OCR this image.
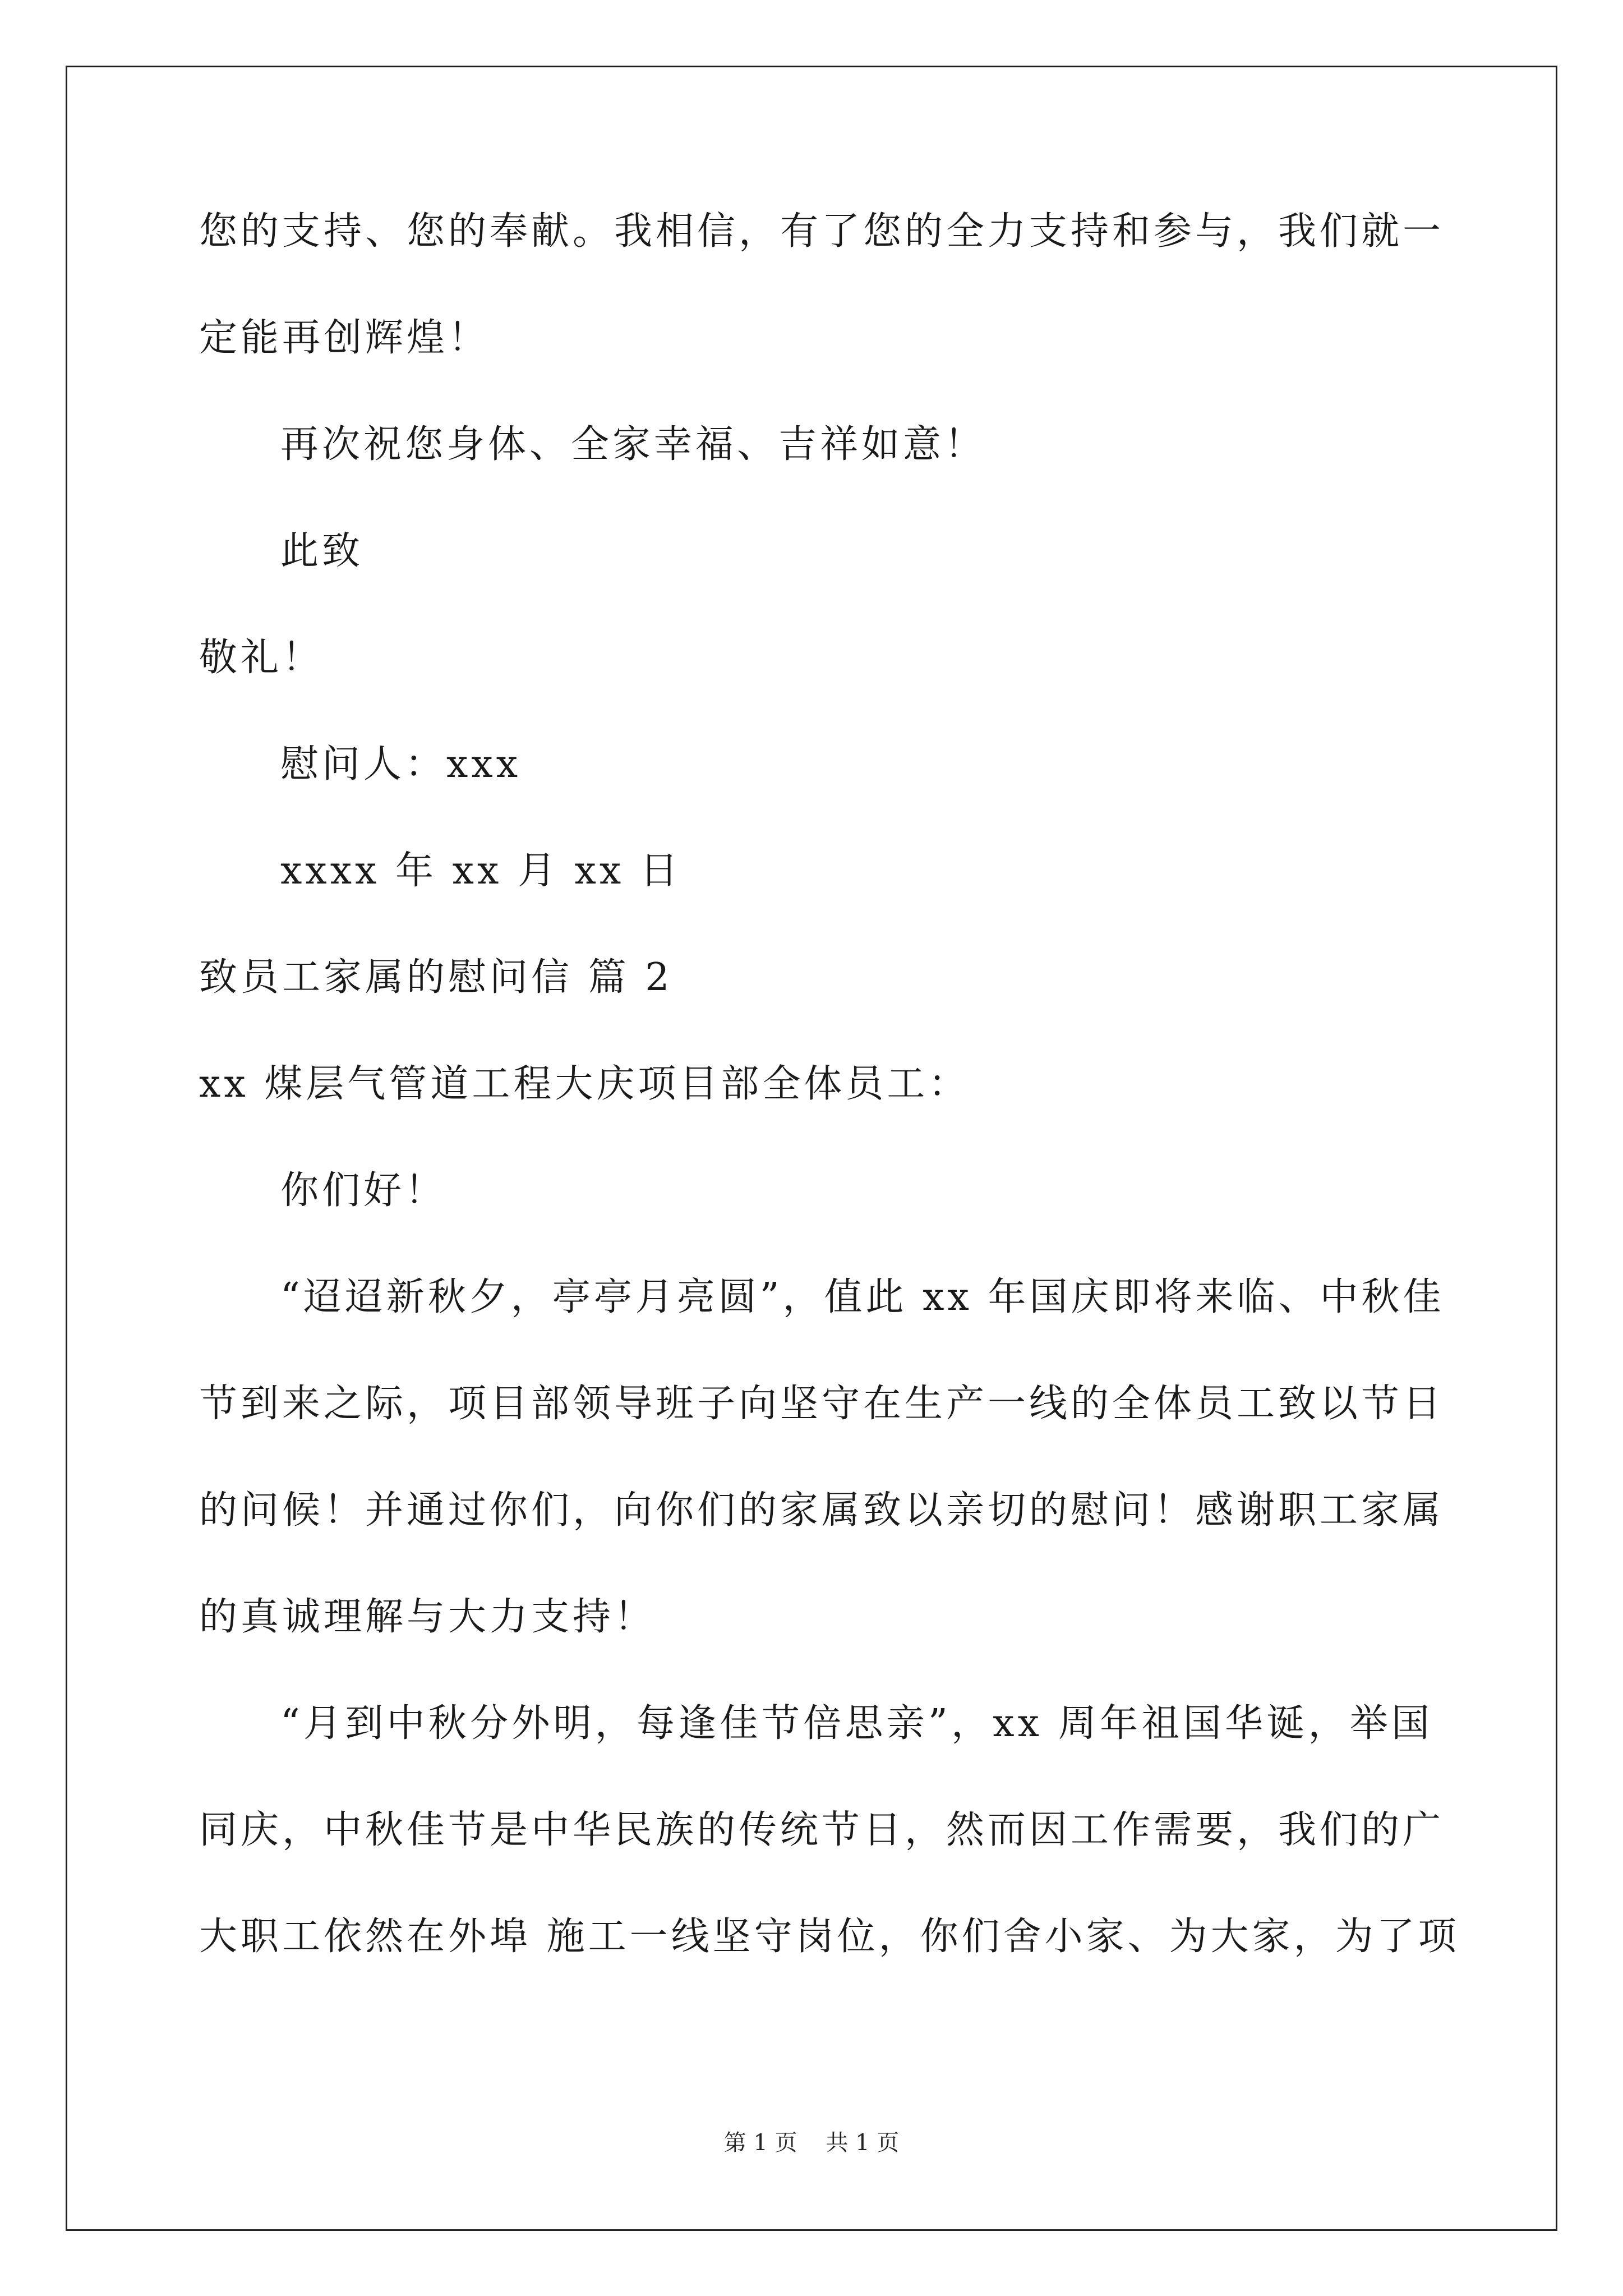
您的支持、您的奉献。我相信，有了您的全力支持和参与，我们就一
定能再创辉煌！
再次祝您身体、全家幸福、吉祥如意！
此致
敬礼！
慰问人：xxx
xxxx 年 xx 月 xx 日
致员工家属的慰问信 篇 2
xx 煤层气管道工程大庆项目部全体员工：
你们好！
“迢迢新秋夕，亭亭月亮圆”，值此 xx 年国庆即将来临、中秋佳
节到来之际，项目部领导班子向坚守在生产一线的全体员工致以节日
的问候！并通过你们，向你们的家属致以亲切的慰问！感谢职工家属
的真诚理解与大力支持！
“月到中秋分外明，每逢佳节倍思亲”，xx 周年祖国华诞，举国
同庆，中秋佳节是中华民族的传统节日，然而因工作需要，我们的广
大职工依然在外埠 施工一线坚守岗位，你们舍小家、为大家，为了项
第 1 页    共 1 页
